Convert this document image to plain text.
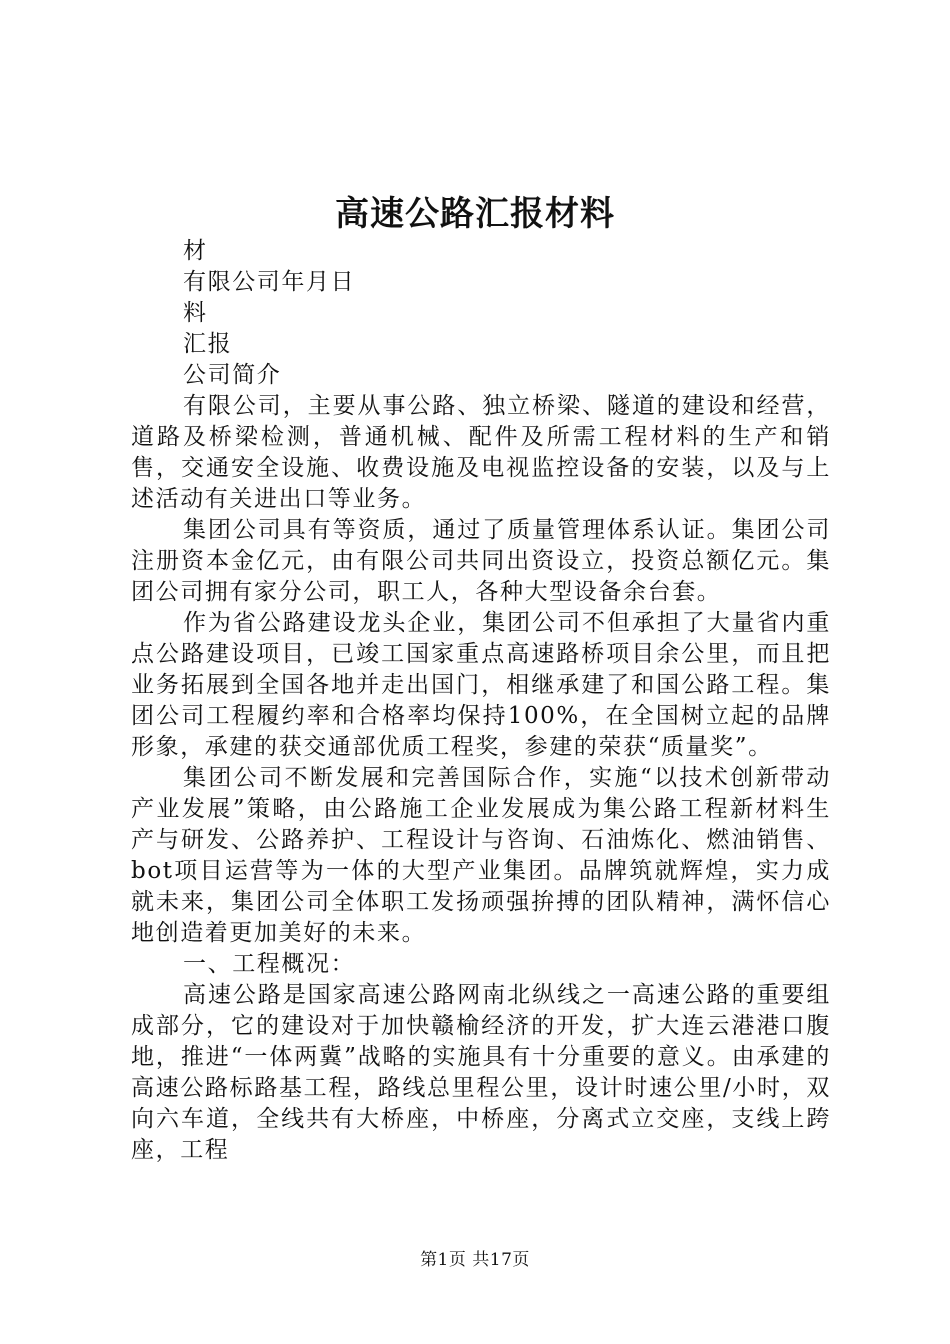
高速公路汇报材料

材

有限公司年月日

料

汇报

公司简介

有限公司，主要从事公路、独立桥梁、隧道的建设和经营，道路及桥梁检测，普通机械、配件及所需工程材料的生产和销售，交通安全设施、收费设施及电视监控设备的安装，以及与上述活动有关进出口等业务。

集团公司具有等资质，通过了质量管理体系认证。集团公司注册资本金亿元，由有限公司共同出资设立，投资总额亿元。集团公司拥有家分公司，职工人，各种大型设备余台套。

作为省公路建设龙头企业，集团公司不但承担了大量省内重点公路建设项目，已竣工国家重点高速路桥项目余公里，而且把业务拓展到全国各地并走出国门，相继承建了和国公路工程。集团公司工程履约率和合格率均保持100%，在全国树立起的品牌形象，承建的获交通部优质工程奖，参建的荣获“质量奖”。

集团公司不断发展和完善国际合作，实施“以技术创新带动产业发展”策略，由公路施工企业发展成为集公路工程新材料生产与研发、公路养护、工程设计与咨询、石油炼化、燃油销售、bot项目运营等为一体的大型产业集团。品牌筑就辉煌，实力成就未来，集团公司全体职工发扬顽强拚搏的团队精神，满怀信心地创造着更加美好的未来。

一、工程概况：

高速公路是国家高速公路网南北纵线之一高速公路的重要组成部分，它的建设对于加快赣榆经济的开发，扩大连云港港口腹地，推进“一体两冀”战略的实施具有十分重要的意义。由承建的高速公路标路基工程，路线总里程公里，设计时速公里/小时，双向六车道，全线共有大桥座，中桥座，分离式立交座，支线上跨座，工程

第1页 共17页
